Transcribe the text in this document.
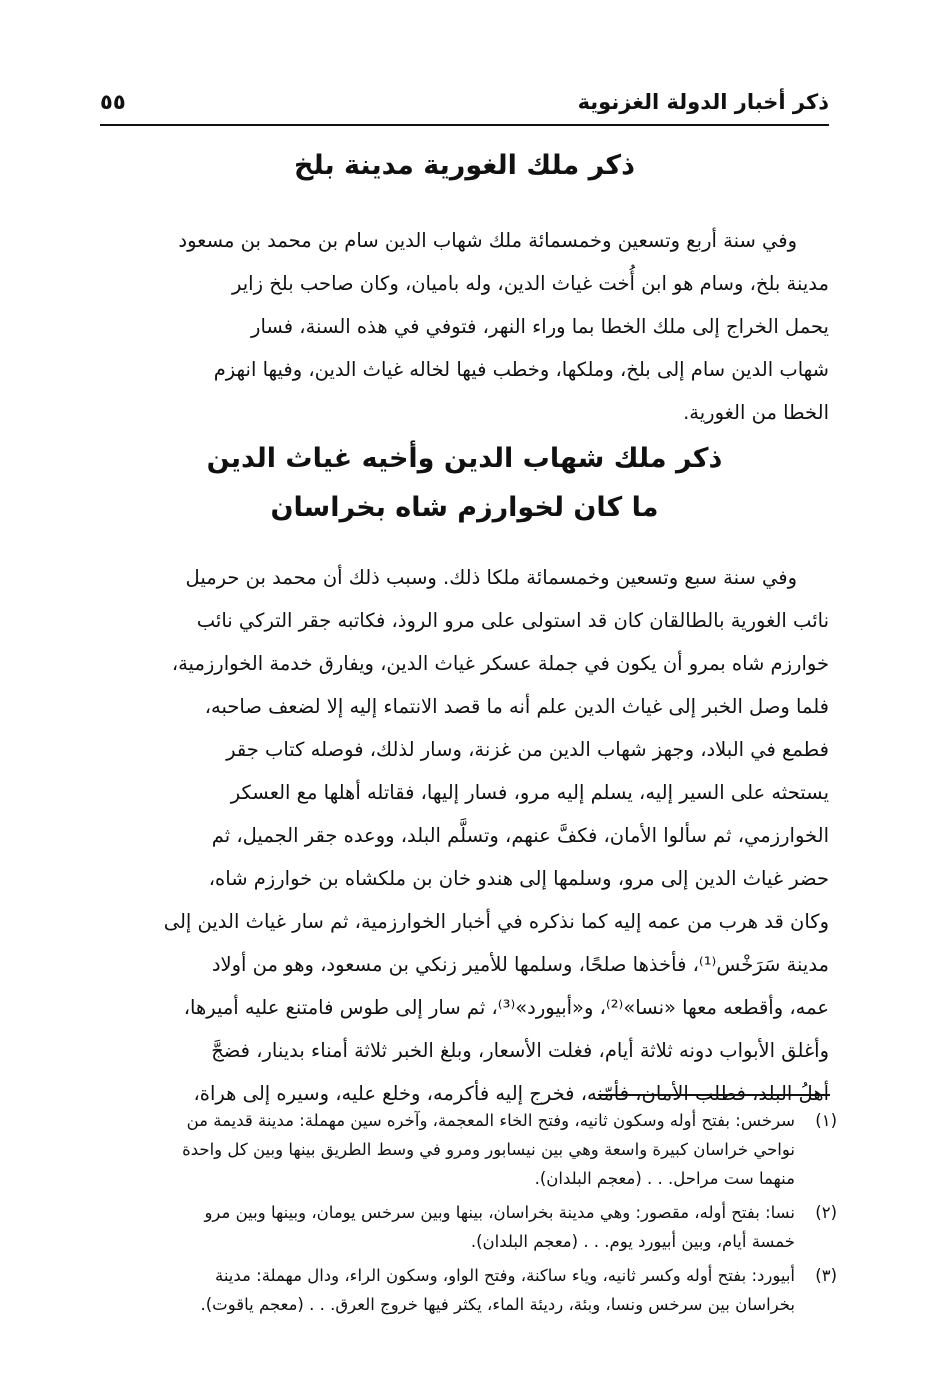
ذكر أخبار الدولة الغزنوية
٥٥
ذكر ملك الغورية مدينة بلخ
وفي سنة أربع وتسعين وخمسمائة ملك شهاب الدين سام بن محمد بن مسعود
مدينة بلخ، وسام هو ابن أُخت غياث الدين، وله باميان، وكان صاحب بلخ زاير
يحمل الخراج إلى ملك الخطا بما وراء النهر، فتوفي في هذه السنة، فسار
شهاب الدين سام إلى بلخ، وملكها، وخطب فيها لخاله غياث الدين، وفيها انهزم
الخطا من الغورية.
ذكر ملك شهاب الدين وأخيه غياث الدين
ما كان لخوارزم شاه بخراسان
وفي سنة سبع وتسعين وخمسمائة ملكا ذلك. وسبب ذلك أن محمد بن حرميل
نائب الغورية بالطالقان كان قد استولى على مرو الروذ، فكاتبه جقر التركي نائب
خوارزم شاه بمرو أن يكون في جملة عسكر غياث الدين، ويفارق خدمة الخوارزمية،
فلما وصل الخبر إلى غياث الدين علم أنه ما قصد الانتماء إليه إلا لضعف صاحبه،
فطمع في البلاد، وجهز شهاب الدين من غزنة، وسار لذلك، فوصله كتاب جقر
يستحثه على السير إليه، يسلم إليه مرو، فسار إليها، فقاتله أهلها مع العسكر
الخوارزمي، ثم سألوا الأمان، فكفَّ عنهم، وتسلَّم البلد، ووعده جقر الجميل، ثم
حضر غياث الدين إلى مرو، وسلمها إلى هندو خان بن ملكشاه بن خوارزم شاه،
وكان قد هرب من عمه إليه كما نذكره في أخبار الخوارزمية، ثم سار غياث الدين إلى
مدينة سَرَخْس⁽¹⁾، فأخذها صلحًا، وسلمها للأمير زنكي بن مسعود، وهو من أولاد
عمه، وأقطعه معها «نسا»⁽²⁾، و«أبيورد»⁽³⁾، ثم سار إلى طوس فامتنع عليه أميرها،
وأغلق الأبواب دونه ثلاثة أيام، فغلت الأسعار، وبلغ الخبر ثلاثة أمناء بدينار، فضجَّ
أهلُ البلد، فطلب الأمان، فأمّنه، فخرج إليه فأكرمه، وخلع عليه، وسيره إلى هراة،
(١)
سرخس: بفتح أوله وسكون ثانيه، وفتح الخاء المعجمة، وآخره سين مهملة: مدينة قديمة من
نواحي خراسان كبيرة واسعة وهي بين نيسابور ومرو في وسط الطريق بينها وبين كل واحدة
منهما ست مراحل. . . (معجم البلدان).
(٢)
نسا: بفتح أوله، مقصور: وهي مدينة بخراسان، بينها وبين سرخس يومان، وبينها وبين مرو
خمسة أيام، وبين أبيورد يوم. . . (معجم البلدان).
(٣)
أبيورد: بفتح أوله وكسر ثانيه، وياء ساكنة، وفتح الواو، وسكون الراء، ودال مهملة: مدينة
بخراسان بين سرخس ونسا، وبئة، رديئة الماء، يكثر فيها خروج العرق. . . (معجم ياقوت).
